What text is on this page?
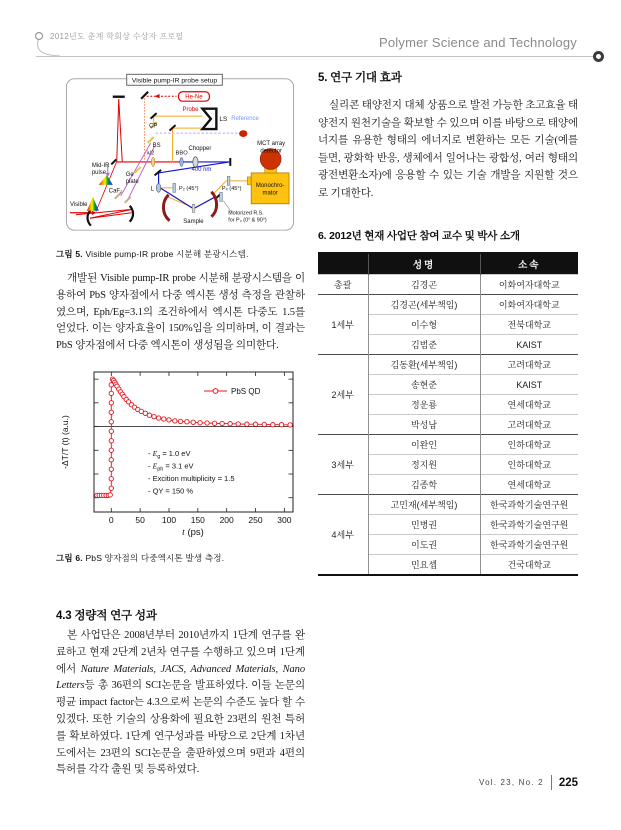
2012년도 춘계 학회상 수상자 프로필	Polymer Science and Technology
Visible pump-IR probe setup
He-Ne
Probe
LS
CP
Reference
BS
λ/2	BBO
Chopper
MCT array
detector
Mid-IR
pulse	Ge
plate
CaF₂
Visible
L	P₂ (45°)	P₄ (45°)
400 nm
Sample
Monochro-
mator
Motorized R.S.
for P₃ (0° & 90°)
그림 5. Visible pump-IR probe 시분해 분광시스템.

개발된 Visible pump-IR probe 시분해 분광시스템을 이용하여 PbS 양자점에서 다중 엑시톤 생성 측정을 관찰하였으며, Eph/Eg=3.1의 조건하에서 엑시톤 다중도 1.5를 얻었다. 이는 양자효율이 150%임을 의미하며, 이 결과는 PbS 양자점에서 다중 엑시톤이 생성됨을 의미한다.

0	50 100 150 200 250 300
- $E_g = 1.0$ eV
- $E_{ph} = 3.1$ eV
- Excition multiplicity = 1.5
- QY = 150 %
PbS QD
-ΔT/T (t) (a.u.)
t (ps)
그림 6. PbS 양자점의 다중엑시톤 발생 측정.
4.3 정량적 연구 성과

본 사업단은 2008년부터 2010년까지 1단계 연구를 완료하고 현재 2단계 2년차 연구를 수행하고 있으며 1단계에서 Nature Materials, JACS, Advanced Materials, Nano Letters등 총 36편의 SCI논문을 발표하였다. 이들 논문의 평균 impact factor는 4.3으로써 논문의 수준도 높다 할 수 있겠다. 또한 기술의 상용화에 필요한 23편의 원천 특허를 확보하였다. 1단계 연구성과를 바탕으로 2단계 1차년도에서는 23편의 SCI논문을 출판하였으며 9편과 4편의 특허를 각각 출원 및 등록하였다.

5. 연구 기대 효과

실리콘 태양전지 대체 상품으로 발전 가능한 초고효율 태양전지 원천기술을 확보할 수 있으며 이를 바탕으로 태양에너지를 유용한 형태의 에너지로 변환하는 모든 기술(예를 들면, 광화학 반응, 생체에서 일어나는 광합성, 여러 형태의 광전변환소자)에 응용할 수 있는 기술 개발을 지원할 것으로 기대한다.

6. 2012년 현재 사업단 참여 교수 및 박사 소개
	성명	소속
총괄	김경곤	이화여자대학교
1세부	김경곤(세부책임)	이화여자대학교
	이수형	전북대학교
	김범준	KAIST
2세부	김동환(세부책임)	고려대학교
	송현준	KAIST
	정운룡	연세대학교
	박성남	고려대학교
3세부	이완인	인하대학교
	정지원	인하대학교
	김종학	연세대학교
4세부	고민재(세부책임)	한국과학기술연구원
	민병권	한국과학기술연구원
	이도권	한국과학기술연구원
	민요셉	건국대학교
Vol. 23, No. 2 225
